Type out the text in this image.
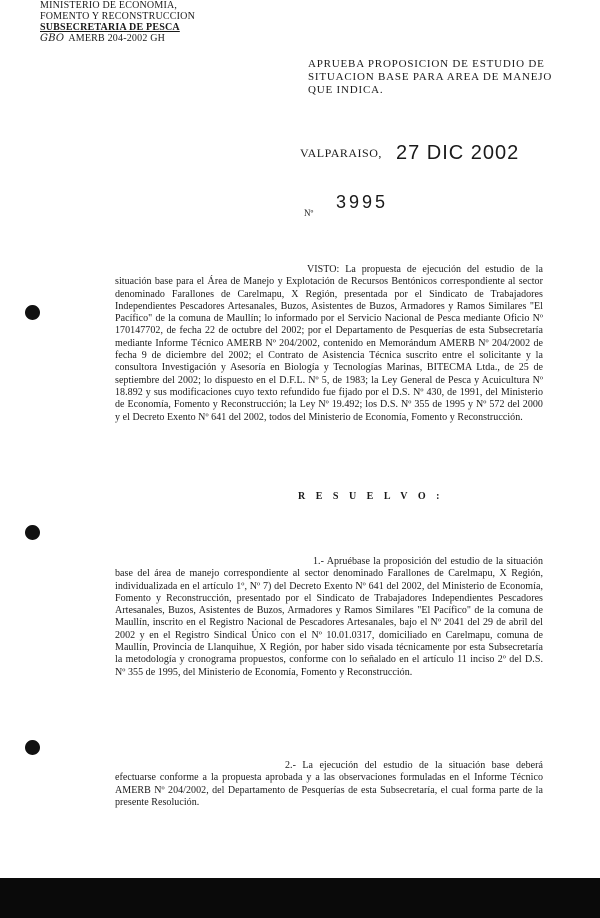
MINISTERIO DE ECONOMIA,
FOMENTO Y RECONSTRUCCION
SUBSECRETARIA DE PESCA
GBO AMERB 204-2002 GH
APRUEBA PROPOSICION DE ESTUDIO DE SITUACION BASE PARA AREA DE MANEJO QUE INDICA.
VALPARAISO, 27 DIC 2002
Nº
3995
VISTO: La propuesta de ejecución del estudio de la situación base para el Área de Manejo y Explotación de Recursos Bentónicos correspondiente al sector denominado Farallones de Carelmapu, X Región, presentada por el Sindicato de Trabajadores Independientes Pescadores Artesanales, Buzos, Asistentes de Buzos, Armadores y Ramos Similares "El Pacífico" de la comuna de Maullín; lo informado por el Servicio Nacional de Pesca mediante Oficio Nº 170147702, de fecha 22 de octubre del 2002; por el Departamento de Pesquerías de esta Subsecretaría mediante Informe Técnico AMERB Nº 204/2002, contenido en Memorándum AMERB Nº 204/2002 de fecha 9 de diciembre del 2002; el Contrato de Asistencia Técnica suscrito entre el solicitante y la consultora Investigación y Asesoría en Biología y Tecnologías Marinas, BITECMA Ltda., de 25 de septiembre del 2002; lo dispuesto en el D.F.L. Nº 5, de 1983; la Ley General de Pesca y Acuicultura Nº 18.892 y sus modificaciones cuyo texto refundido fue fijado por el D.S. Nº 430, de 1991, del Ministerio de Economía, Fomento y Reconstrucción; la Ley Nº 19.492; los D.S. Nº 355 de 1995 y Nº 572 del 2000 y el Decreto Exento Nº 641 del 2002, todos del Ministerio de Economía, Fomento y Reconstrucción.
R E S U E L V O :
1.- Apruébase la proposición del estudio de la situación base del área de manejo correspondiente al sector denominado Farallones de Carelmapu, X Región, individualizada en el artículo 1º, Nº 7) del Decreto Exento Nº 641 del 2002, del Ministerio de Economía, Fomento y Reconstrucción, presentado por el Sindicato de Trabajadores Independientes Pescadores Artesanales, Buzos, Asistentes de Buzos, Armadores y Ramos Similares "El Pacífico" de la comuna de Maullín, inscrito en el Registro Nacional de Pescadores Artesanales, bajo el Nº 2041 del 29 de abril del 2002 y en el Registro Sindical Único con el Nº 10.01.0317, domiciliado en Carelmapu, comuna de Maullín, Provincia de Llanquihue, X Región, por haber sido visada técnicamente por esta Subsecretaría la metodología y cronograma propuestos, conforme con lo señalado en el artículo 11 inciso 2º del D.S. Nº 355 de 1995, del Ministerio de Economía, Fomento y Reconstrucción.
2.- La ejecución del estudio de la situación base deberá efectuarse conforme a la propuesta aprobada y a las observaciones formuladas en el Informe Técnico AMERB Nº 204/2002, del Departamento de Pesquerías de esta Subsecretaría, el cual forma parte de la presente Resolución.
